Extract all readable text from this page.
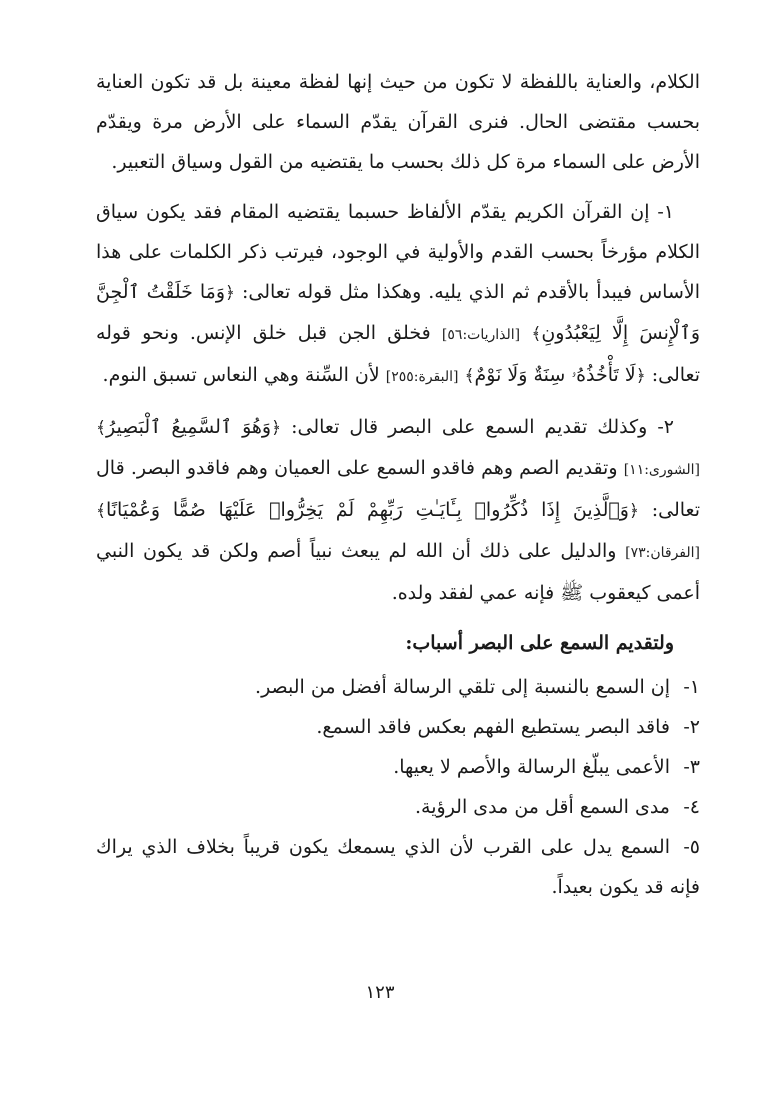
الكلام، والعناية باللفظة لا تكون من حيث إنها لفظة معينة بل قد تكون العناية بحسب مقتضى الحال. فنرى القرآن يقدّم السماء على الأرض مرة ويقدّم الأرض على السماء مرة كل ذلك بحسب ما يقتضيه من القول وسياق التعبير.

١- إن القرآن الكريم يقدّم الألفاظ حسبما يقتضيه المقام فقد يكون سياق الكلام مؤرخاً بحسب القدم والأولية في الوجود، فيرتب ذكر الكلمات على هذا الأساس فيبدأ بالأقدم ثم الذي يليه. وهكذا مثل قوله تعالى: ﴿وَمَا خَلَقْتُ ٱلْجِنَّ وَٱلْإِنسَ إِلَّا لِيَعْبُدُونِ﴾ [الذاريات:٥٦] فخلق الجن قبل خلق الإنس. ونحو قوله تعالى: ﴿لَا تَأْخُذُهُۥ سِنَةٌ وَلَا نَوْمٌ﴾ [البقرة:٢٥٥] لأن السِّنة وهي النعاس تسبق النوم.

٢- وكذلك تقديم السمع على البصر قال تعالى: ﴿وَهُوَ ٱلسَّمِيعُ ٱلْبَصِيرُ﴾ [الشورى:١١] وتقديم الصم وهم فاقدو السمع على العميان وهم فاقدو البصر. قال تعالى: ﴿وَٱلَّذِينَ إِذَا ذُكِّرُوا۟ بِـَٔايَـٰتِ رَبِّهِمْ لَمْ يَخِرُّوا۟ عَلَيْهَا صُمًّا وَعُمْيَانًا﴾ [الفرقان:٧٣] والدليل على ذلك أن الله لم يبعث نبياً أصم ولكن قد يكون النبي أعمى كيعقوب ﷺ فإنه عمي لفقد ولده.

ولتقديم السمع على البصر أسباب:
١-إن السمع بالنسبة إلى تلقي الرسالة أفضل من البصر.
٢-فاقد البصر يستطيع الفهم بعكس فاقد السمع.
٣-الأعمى يبلّغ الرسالة والأصم لا يعيها.
٤-مدى السمع أقل من مدى الرؤية.
٥-السمع يدل على القرب لأن الذي يسمعك يكون قريباً بخلاف الذي يراك فإنه قد يكون بعيداً.
١٢٣
